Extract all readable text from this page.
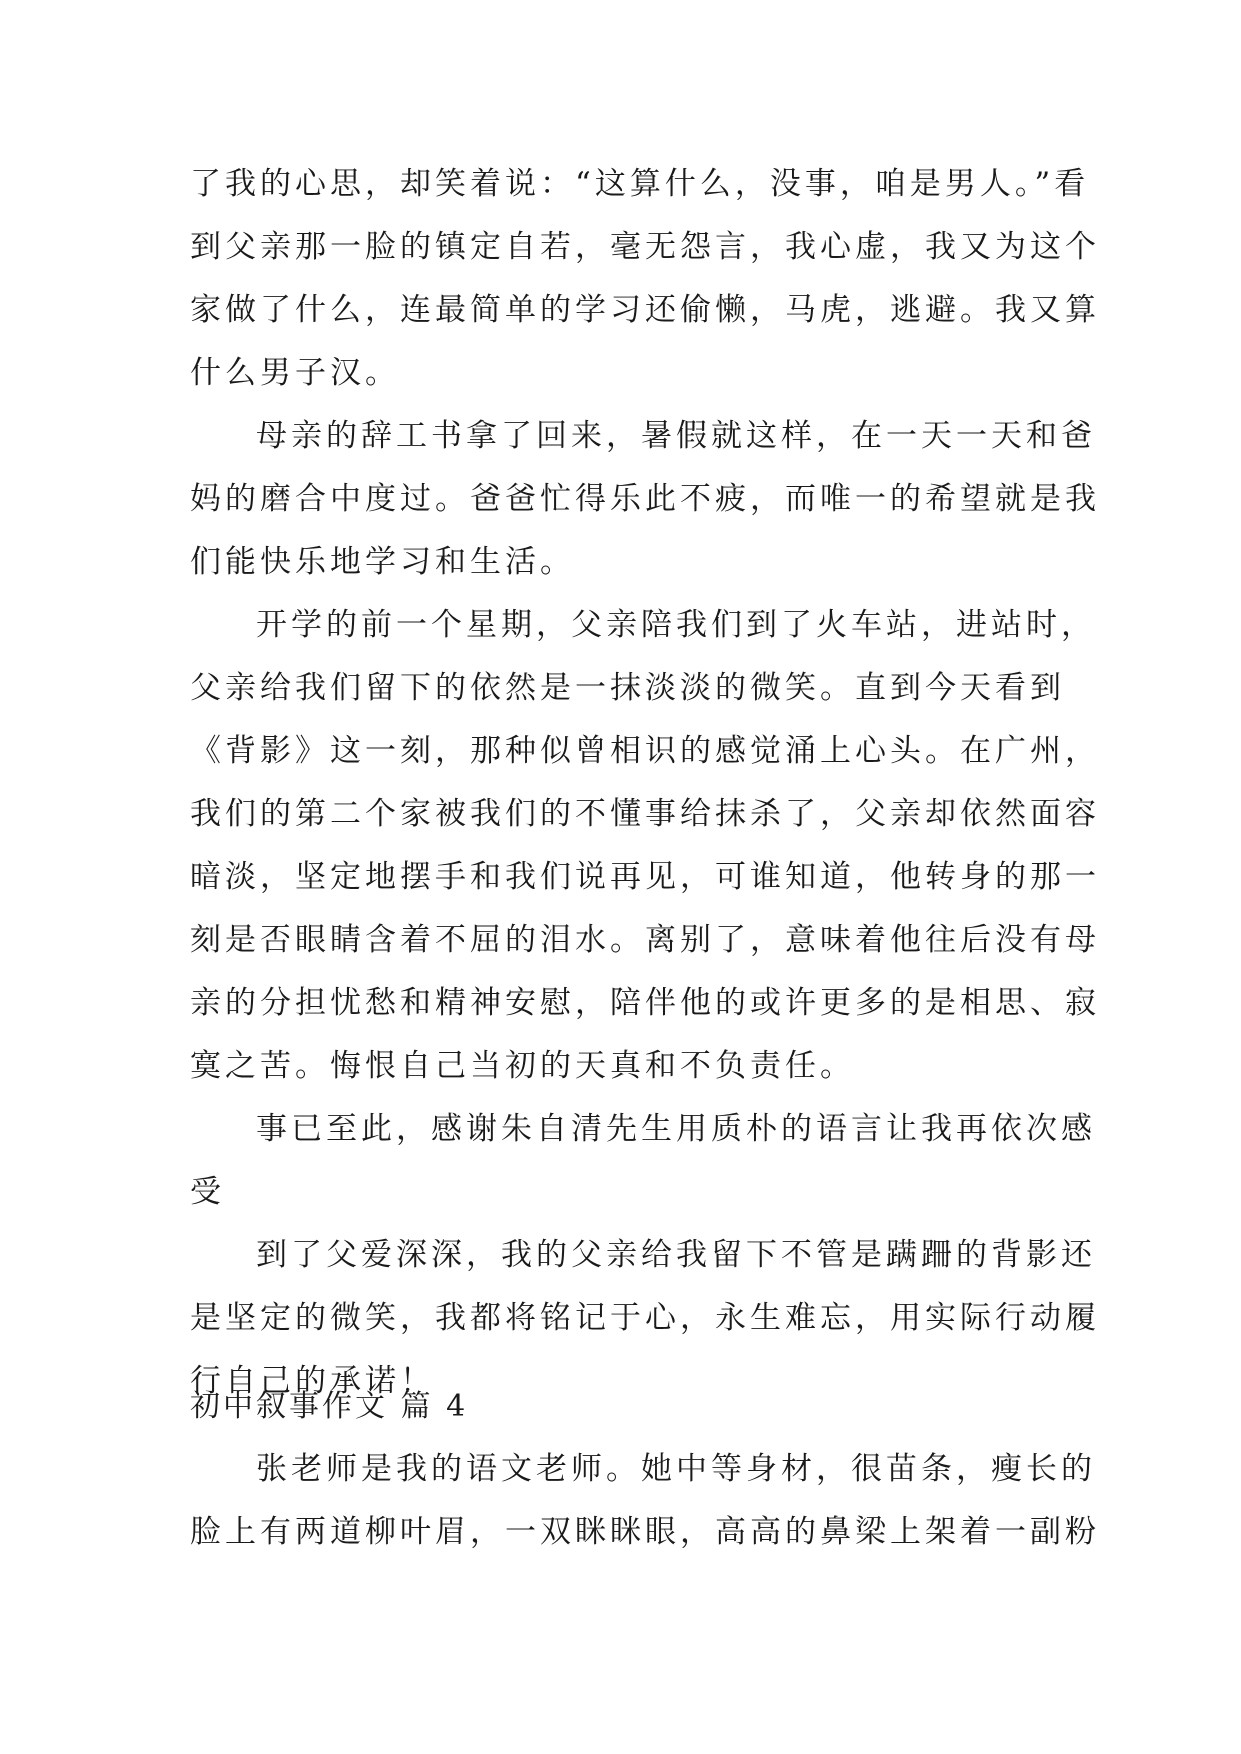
了我的心思，却笑着说：“这算什么，没事，咱是男人。”看
到父亲那一脸的镇定自若，毫无怨言，我心虚，我又为这个
家做了什么，连最简单的学习还偷懒，马虎，逃避。我又算
什么男子汉。
母亲的辞工书拿了回来，暑假就这样，在一天一天和爸
妈的磨合中度过。爸爸忙得乐此不疲，而唯一的希望就是我
们能快乐地学习和生活。
开学的前一个星期，父亲陪我们到了火车站，进站时，
父亲给我们留下的依然是一抹淡淡的微笑。直到今天看到
《背影》这一刻，那种似曾相识的感觉涌上心头。在广州，
我们的第二个家被我们的不懂事给抹杀了，父亲却依然面容
暗淡，坚定地摆手和我们说再见，可谁知道，他转身的那一
刻是否眼睛含着不屈的泪水。离别了，意味着他往后没有母
亲的分担忧愁和精神安慰，陪伴他的或许更多的是相思、寂
寞之苦。悔恨自己当初的天真和不负责任。
事已至此，感谢朱自清先生用质朴的语言让我再依次感
受
到了父爱深深，我的父亲给我留下不管是蹒跚的背影还
是坚定的微笑，我都将铭记于心，永生难忘，用实际行动履
行自己的承诺！
初中叙事作文 篇 4
张老师是我的语文老师。她中等身材，很苗条，瘦长的
脸上有两道柳叶眉，一双眯眯眼，高高的鼻梁上架着一副粉
